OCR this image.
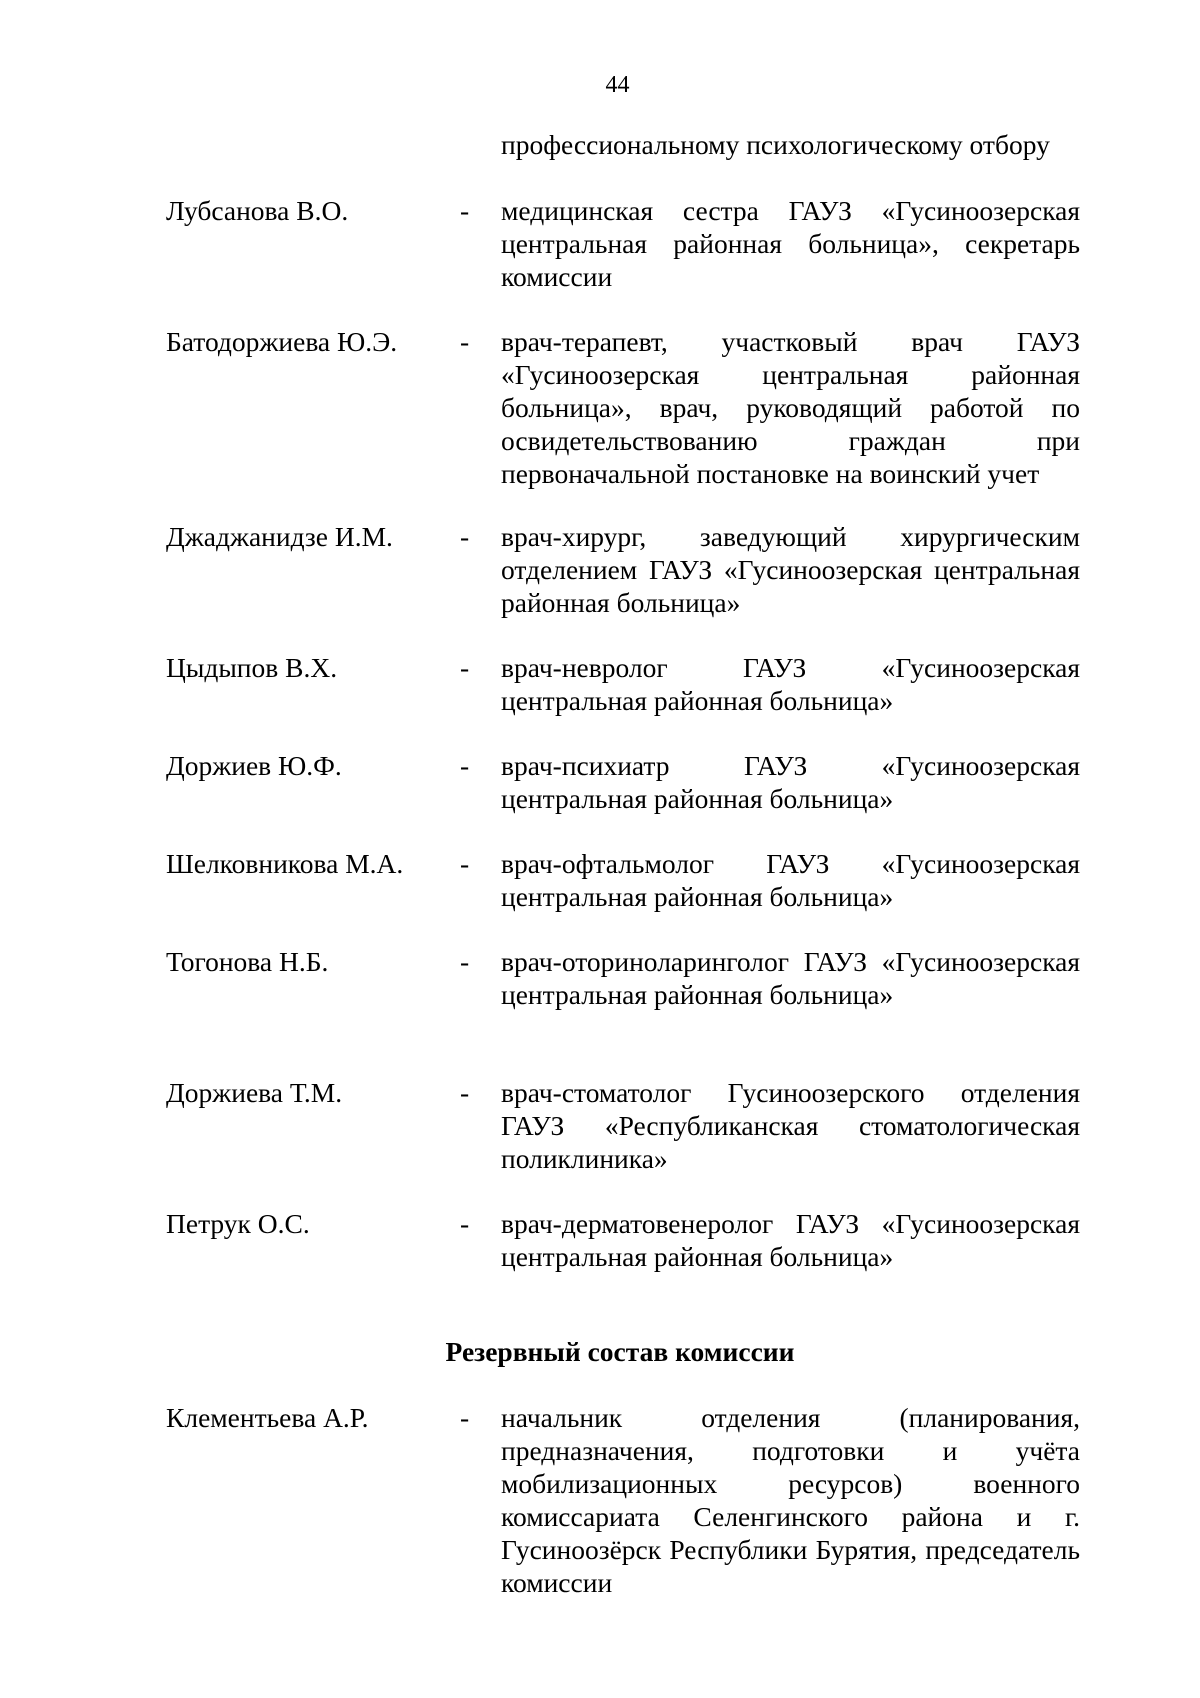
44
профессиональному психологическому отбору
Лубсанова В.О.	- медицинская сестра ГАУЗ «Гусиноозерская центральная районная больница», секретарь комиссии
Батодоржиева Ю.Э. - врач-терапевт, участковый врач ГАУЗ «Гусиноозерская центральная районная больница», врач, руководящий работой по освидетельствованию граждан при первоначальной постановке на воинский учет
Джаджанидзе И.М. - врач-хирург, заведующий хирургическим отделением ГАУЗ «Гусиноозерская центральная районная больница»
Цыдыпов В.Х.	- врач-невролог ГАУЗ «Гусиноозерская центральная районная больница»
Доржиев Ю.Ф.	- врач-психиатр ГАУЗ «Гусиноозерская центральная районная больница»
Шелковникова М.А. - врач-офтальмолог ГАУЗ «Гусиноозерская центральная районная больница»
Тогонова Н.Б.	- врач-оториноларинголог ГАУЗ «Гусиноозерская центральная районная больница»
Доржиева Т.М.	- врач-стоматолог Гусиноозерского отделения ГАУЗ «Республиканская стоматологическая поликлиника»
Петрук О.С.	- врач-дерматовенеролог ГАУЗ «Гусиноозерская центральная районная больница»
Резервный состав комиссии
Клементьева А.Р.	- начальник отделения (планирования, предназначения, подготовки и учёта мобилизационных ресурсов) военного комиссариата Селенгинского района и г. Гусиноозёрск Республики Бурятия, председатель комиссии
